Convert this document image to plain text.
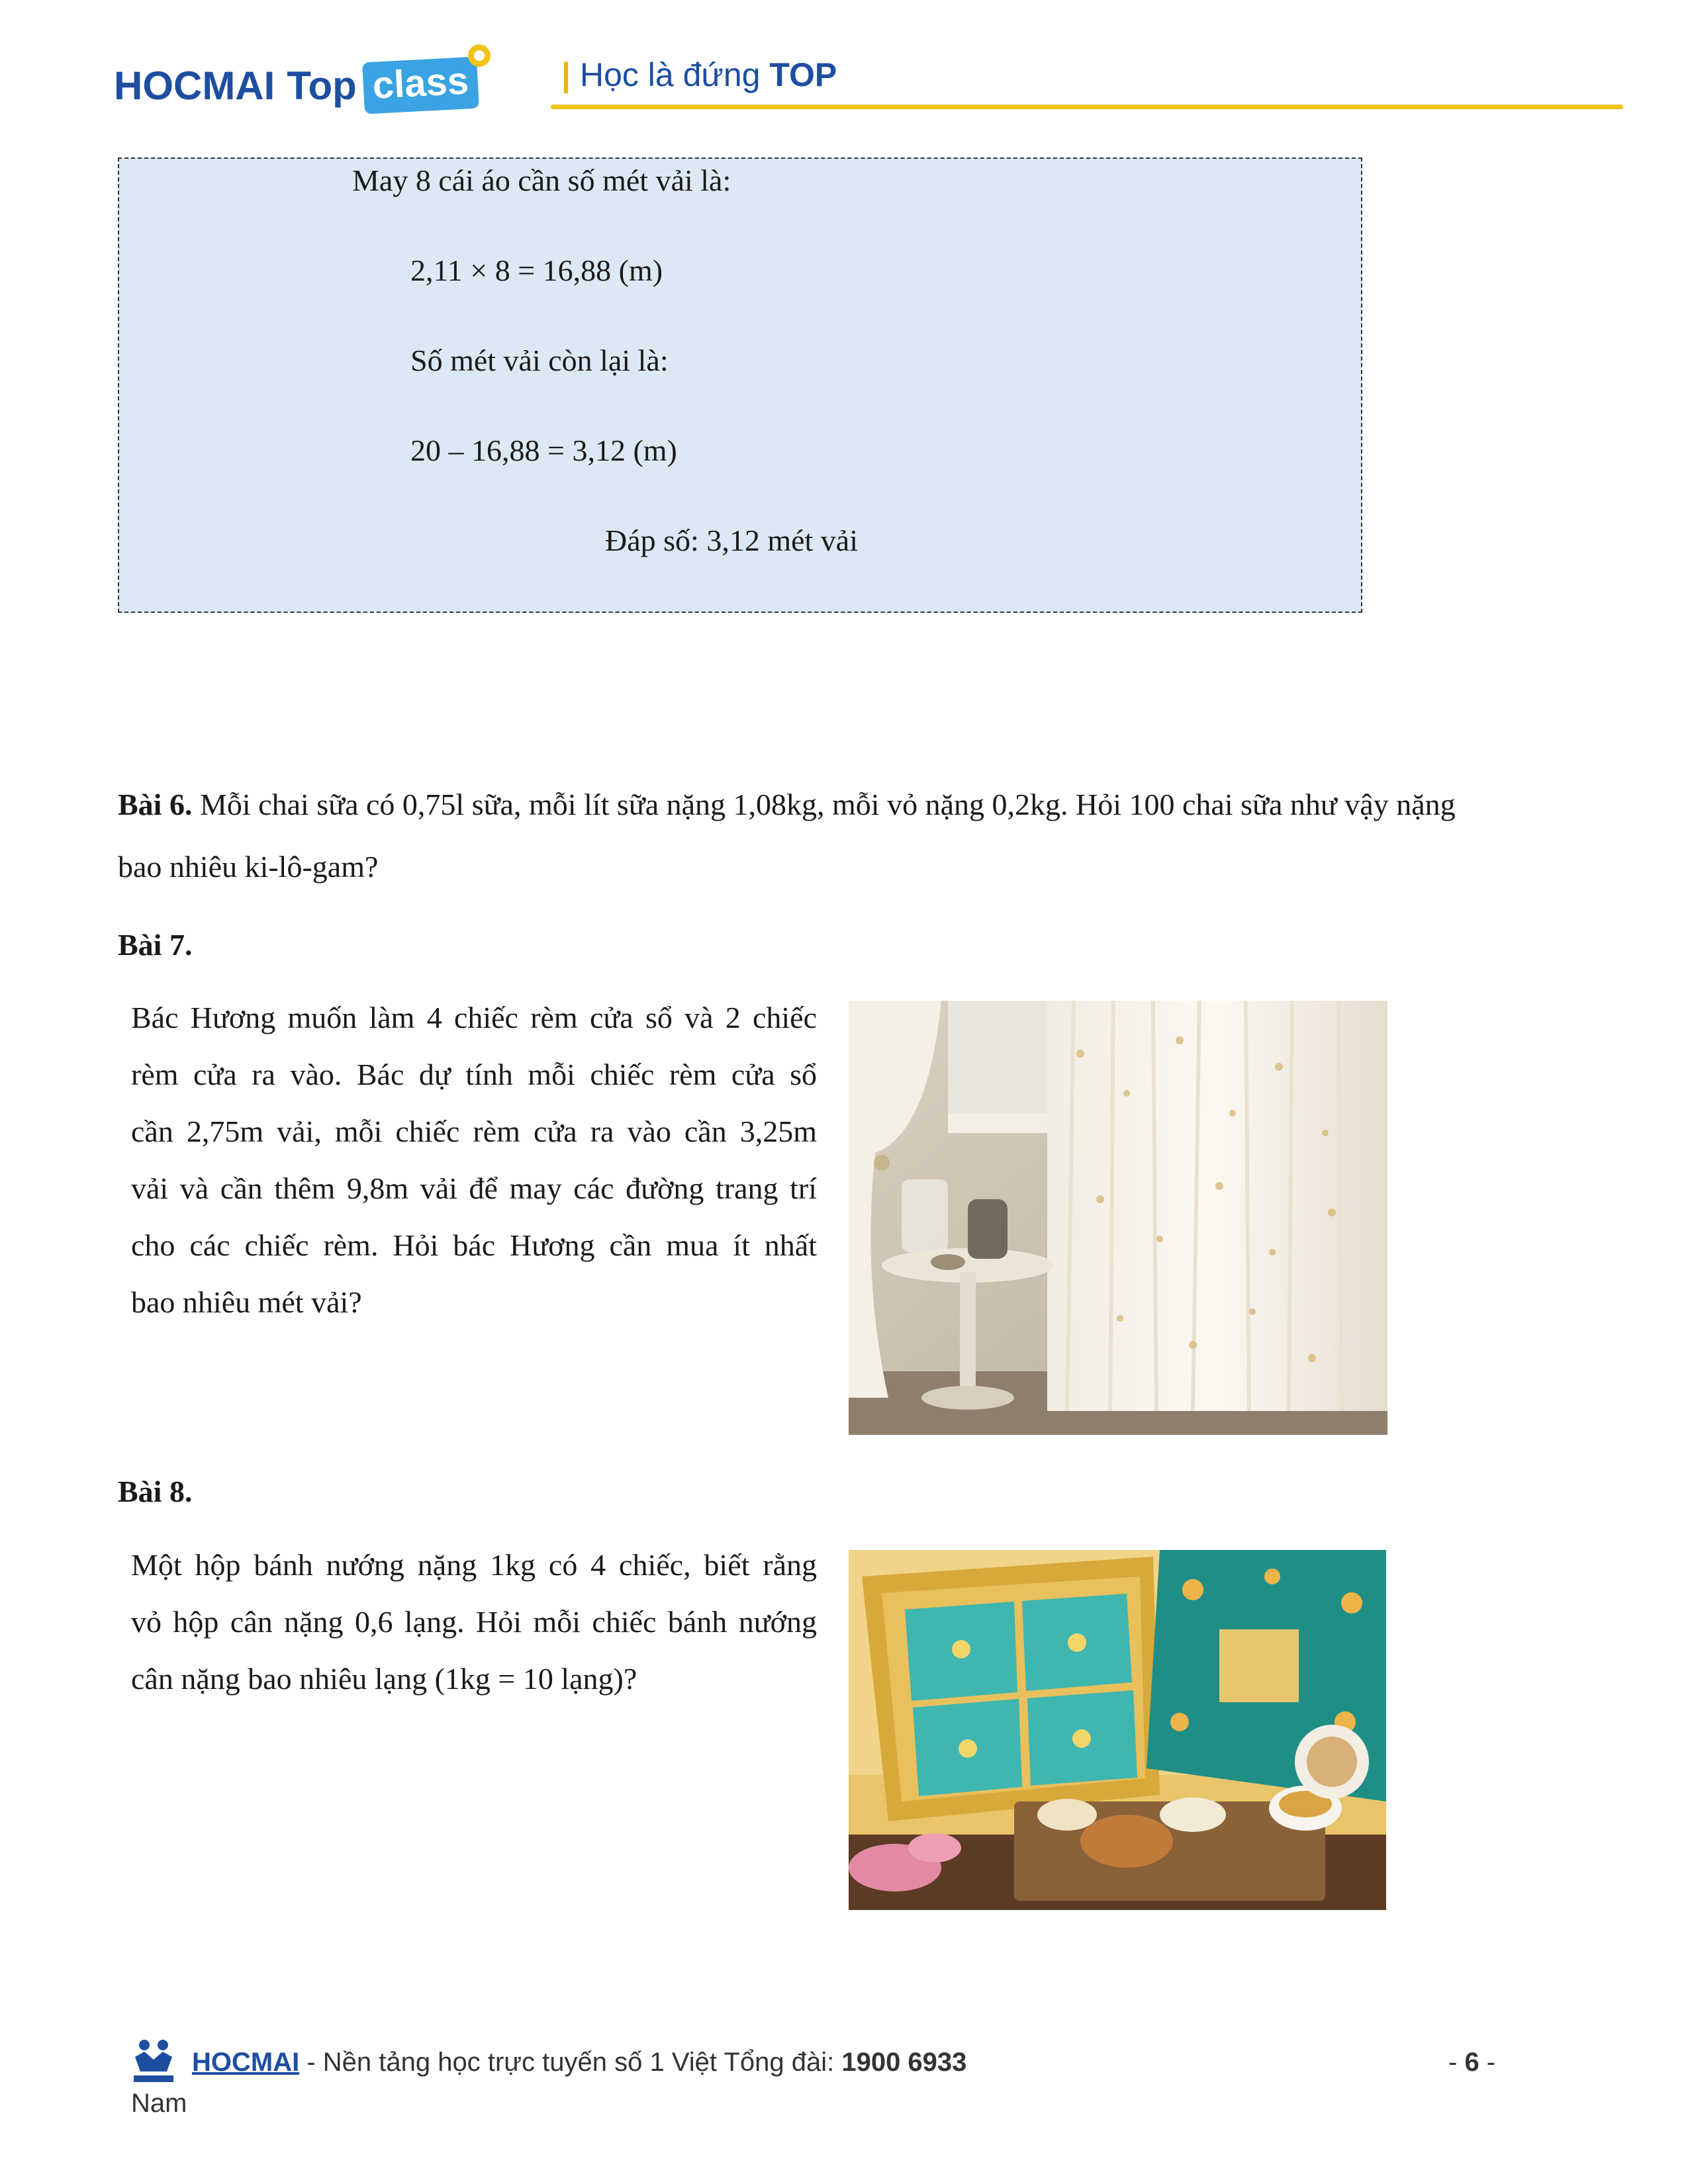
HOCMAI Top class	| Học là đứng TOP
May 8 cái áo cần số mét vải là:
2,11 × 8 = 16,88 (m)
Số mét vải còn lại là:
20 – 16,88 = 3,12 (m)
Đáp số: 3,12 mét vải
Bài 6. Mỗi chai sữa có 0,75l sữa, mỗi lít sữa nặng 1,08kg, mỗi vỏ nặng 0,2kg. Hỏi 100 chai sữa như vậy nặng
bao nhiêu ki-lô-gam?
Bài 7.
Bác Hương muốn làm 4 chiếc rèm cửa sổ và 2 chiếc
rèm cửa ra vào. Bác dự tính mỗi chiếc rèm cửa sổ
cần 2,75m vải, mỗi chiếc rèm cửa ra vào cần 3,25m
vải và cần thêm 9,8m vải để may các đường trang trí
cho các chiếc rèm. Hỏi bác Hương cần mua ít nhất
bao nhiêu mét vải?
Bài 8.
Một hộp bánh nướng nặng 1kg có 4 chiếc, biết rằng
vỏ hộp cân nặng 0,6 lạng. Hỏi mỗi chiếc bánh nướng
cân nặng bao nhiêu lạng (1kg = 10 lạng)?
HOCMAI - Nền tảng học trực tuyến số 1 Việt Tổng đài: 1900 6933	- 6 -
Nam
